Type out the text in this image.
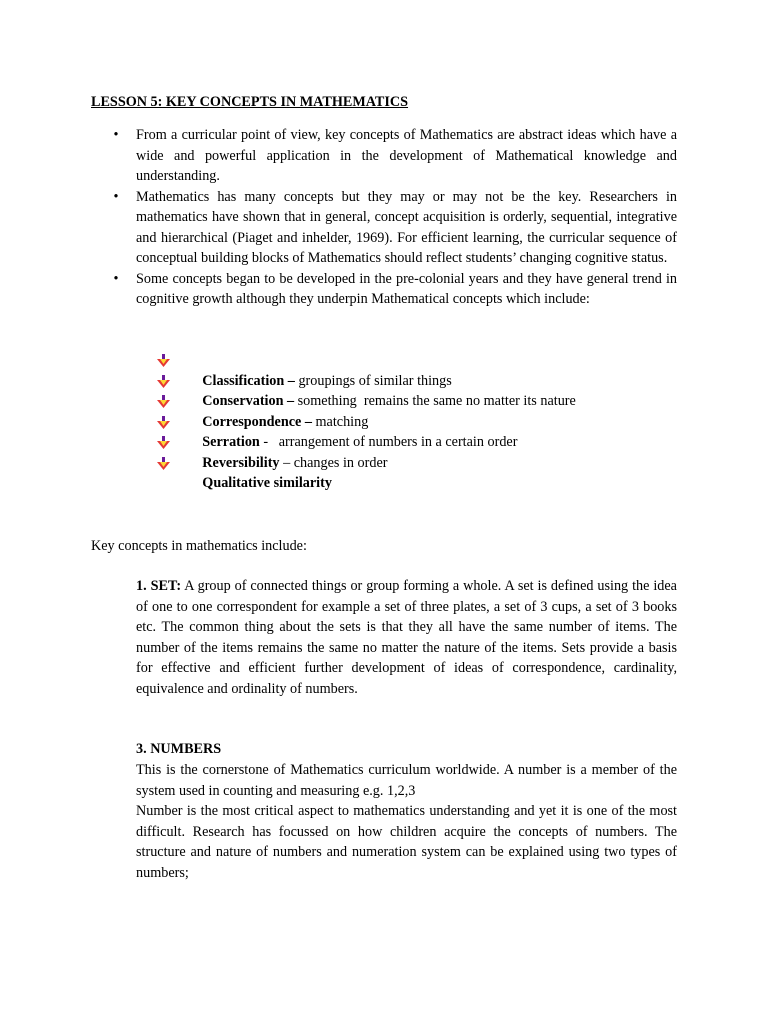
LESSON 5: KEY CONCEPTS IN MATHEMATICS
• From a curricular point of view, key concepts of Mathematics are abstract ideas which have a wide and powerful application in the development of Mathematical knowledge and understanding.
• Mathematics has many concepts but they may or may not be the key. Researchers in mathematics have shown that in general, concept acquisition is orderly, sequential, integrative and hierarchical (Piaget and inhelder, 1969). For efficient learning, the curricular sequence of conceptual building blocks of Mathematics should reflect students’ changing cognitive status.
• Some concepts began to be developed in the pre-colonial years and they have general trend in cognitive growth although they underpin Mathematical concepts which include:

Classification – groupings of similar things

Conservation – something  remains the same no matter its nature

Correspondence – matching

Serration -   arrangement of numbers in a certain order

Reversibility – changes in order

Qualitative similarity

Key concepts in mathematics include:
1. SET: A group of connected things or group forming a whole. A set is defined using the idea of one to one correspondent for example a set of three plates, a set of 3 cups, a set of 3 books etc. The common thing about the sets is that they all have the same number of items. The number of the items remains the same no matter the nature of the items. Sets provide a basis for effective and efficient further development of ideas of correspondence, cardinality, equivalence and ordinality of numbers.
3. NUMBERS

This is the cornerstone of Mathematics curriculum worldwide. A number is a member of the system used in counting and measuring e.g. 1,2,3

Number is the most critical aspect to mathematics understanding and yet it is one of the most difficult. Research has focussed on how children acquire the concepts of numbers. The structure and nature of numbers and numeration system can be explained using two types of numbers;
